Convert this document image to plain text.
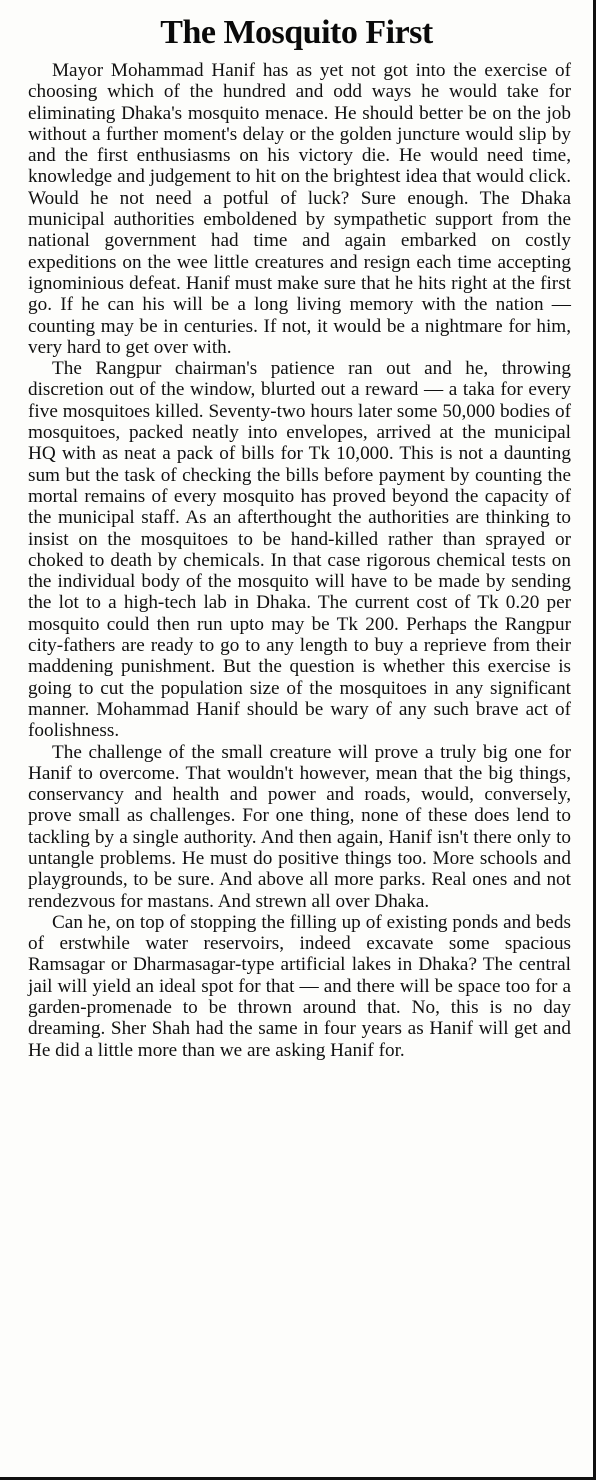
The Mosquito First

Mayor Mohammad Hanif has as yet not got into the exercise of choosing which of the hundred and odd ways he would take for eliminating Dhaka's mosquito menace. He should better be on the job without a further moment's delay or the golden juncture would slip by and the first enthusiasms on his victory die. He would need time, knowledge and judgement to hit on the brightest idea that would click. Would he not need a potful of luck? Sure enough. The Dhaka municipal authorities emboldened by sympathetic support from the national government had time and again embarked on costly expeditions on the wee little creatures and resign each time accepting ignominious defeat. Hanif must make sure that he hits right at the first go. If he can his will be a long living memory with the nation — counting may be in centuries. If not, it would be a nightmare for him, very hard to get over with.

The Rangpur chairman's patience ran out and he, throwing discretion out of the window, blurted out a reward — a taka for every five mosquitoes killed. Seventy-two hours later some 50,000 bodies of mosquitoes, packed neatly into envelopes, arrived at the municipal HQ with as neat a pack of bills for Tk 10,000. This is not a daunting sum but the task of checking the bills before payment by counting the mortal remains of every mosquito has proved beyond the capacity of the municipal staff. As an afterthought the authorities are thinking to insist on the mosquitoes to be hand-killed rather than sprayed or choked to death by chemicals. In that case rigorous chemical tests on the individual body of the mosquito will have to be made by sending the lot to a high-tech lab in Dhaka. The current cost of Tk 0.20 per mosquito could then run upto may be Tk 200. Perhaps the Rangpur city-fathers are ready to go to any length to buy a reprieve from their maddening punishment. But the question is whether this exercise is going to cut the population size of the mosquitoes in any significant manner. Mohammad Hanif should be wary of any such brave act of foolishness.

The challenge of the small creature will prove a truly big one for Hanif to overcome. That wouldn't however, mean that the big things, conservancy and health and power and roads, would, conversely, prove small as challenges. For one thing, none of these does lend to tackling by a single authority. And then again, Hanif isn't there only to untangle problems. He must do positive things too. More schools and playgrounds, to be sure. And above all more parks. Real ones and not rendezvous for mastans. And strewn all over Dhaka.

Can he, on top of stopping the filling up of existing ponds and beds of erstwhile water reservoirs, indeed excavate some spacious Ramsagar or Dharmasagar-type artificial lakes in Dhaka? The central jail will yield an ideal spot for that — and there will be space too for a garden-promenade to be thrown around that. No, this is no day dreaming. Sher Shah had the same in four years as Hanif will get and He did a little more than we are asking Hanif for.
